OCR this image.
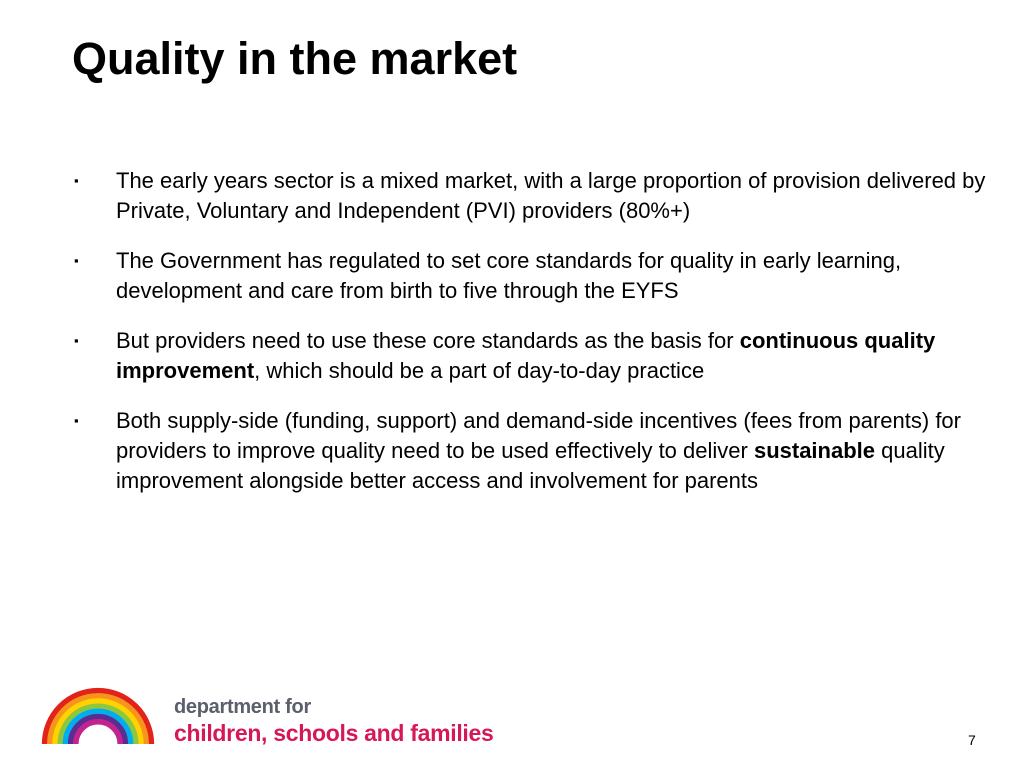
Quality in the market
▪ The early years sector is a mixed market, with a large proportion of provision delivered by Private, Voluntary and Independent (PVI) providers (80%+)
▪ The Government has regulated to set core standards for quality in early learning, development and care from birth to five through the EYFS
▪ But providers need to use these core standards as the basis for continuous quality improvement, which should be a part of day-to-day practice
▪ Both supply-side (funding, support) and demand-side incentives (fees from parents) for providers to improve quality need to be used effectively to deliver sustainable quality improvement alongside better access and involvement for parents
department for
children, schools and families	7
